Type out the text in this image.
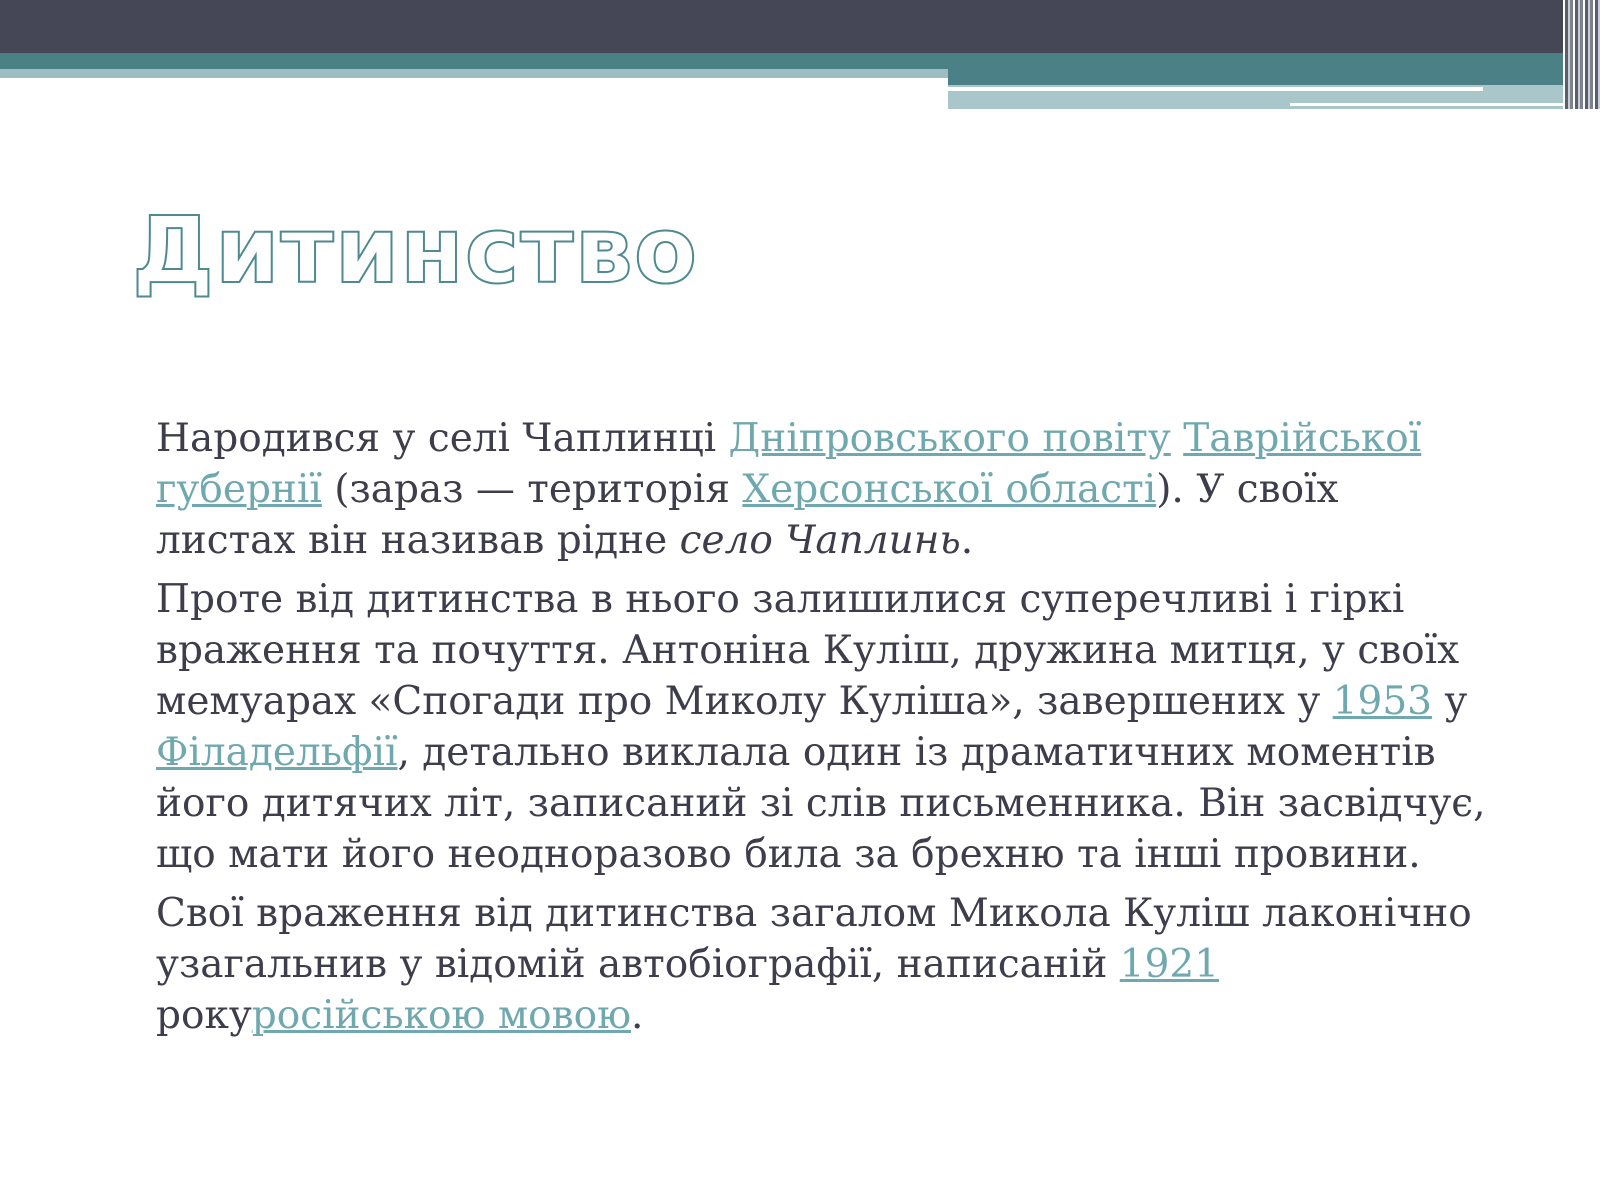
Дитинство

Народився у селі Чаплинці Дніпровського повіту Таврійської губернії (зараз — територія Херсонської області). У своїх листах він називав рідне село Чаплинь.

Проте від дитинства в нього залишилися суперечливі і гіркі враження та почуття. Антоніна Куліш, дружина митця, у своїх мемуарах «Спогади про Миколу Куліша», завершених у 1953 у Філадельфії, детально виклала один із драматичних моментів його дитячих літ, записаний зі слів письменника. Він засвідчує, що мати його неодноразово била за брехню та інші провини.

Свої враження від дитинства загалом Микола Куліш лаконічно узагальнив у відомій автобіографії, написаній 1921 рокуросійською мовою.
